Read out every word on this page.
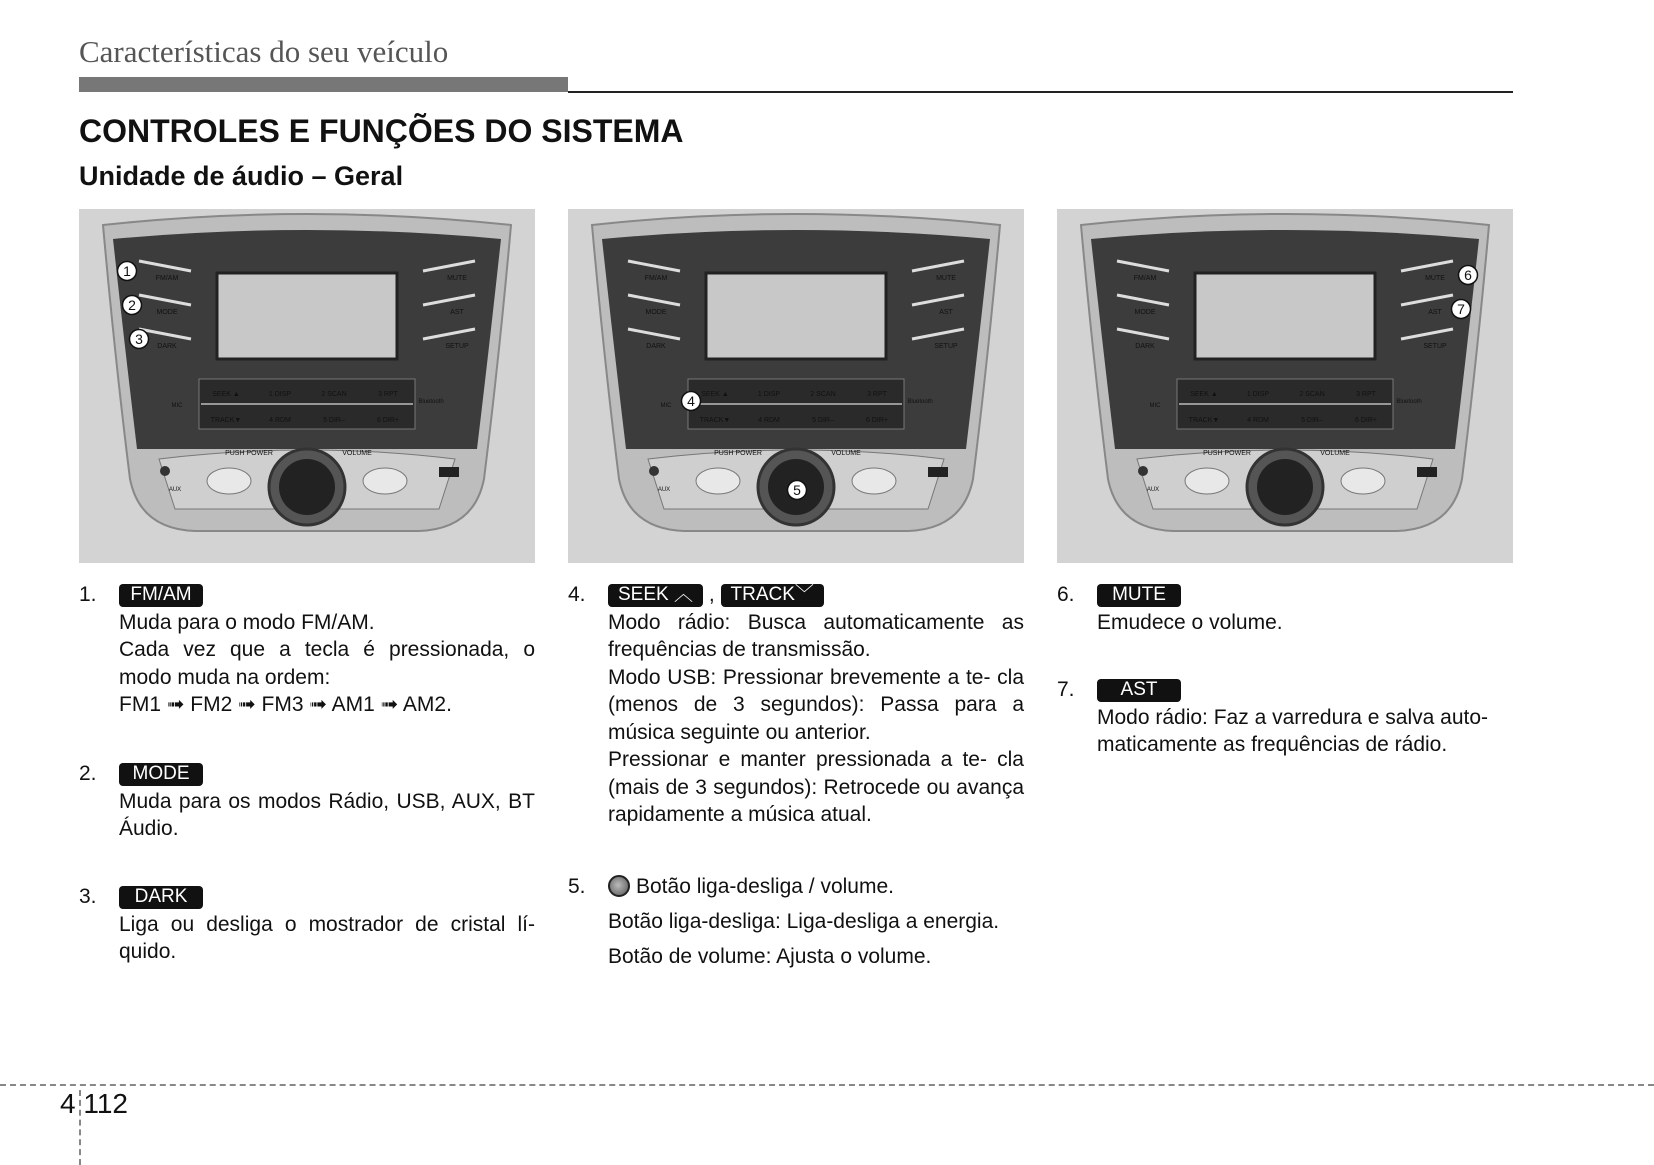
Características do seu veículo
CONTROLES E FUNÇÕES DO SISTEMA
Unidade de áudio – Geral
FM/AM
MODE
DARK
MUTE
AST
SETUP
SEEK ▲	1 DISP	2 SCAN	3 RPT
TRACK▼	4 RDM	5 DIR–	6 DIR+
MIC
Bluetooth
PUSH POWER	VOLUME
AUX
1
2
3
FM/AM
MODE
DARK
MUTE
AST
SETUP
SEEK ▲	1 DISP	2 SCAN	3 RPT
TRACK▼	4 RDM	5 DIR–	6 DIR+
MIC
Bluetooth
PUSH POWER	VOLUME
AUX
4
5
FM/AM
MODE
DARK
MUTE
AST
SETUP
SEEK ▲	1 DISP	2 SCAN	3 RPT
TRACK▼	4 RDM	5 DIR–	6 DIR+
MIC
Bluetooth
PUSH POWER	VOLUME
AUX
6
7
1.	FM/AM
Muda para o modo FM/AM.
Cada vez que a tecla é pressionada, o modo muda na ordem:
FM1 ➟ FM2 ➟ FM3 ➟ AM1 ➟ AM2.
2.	MODE
Muda para os modos Rádio, USB, AUX, BT Áudio.
3.	DARK
Liga ou desliga o mostrador de cristal lí- quido.
4.	SEEK ︿ , TRACK﹀
Modo rádio: Busca automaticamente as frequências de transmissão.
Modo USB: Pressionar brevemente a te- cla (menos de 3 segundos): Passa para a música seguinte ou anterior.
Pressionar e manter pressionada a te- cla (mais de 3 segundos): Retrocede ou avança rapidamente a música atual.
5.	Botão liga-desliga / volume.
Botão liga-desliga: Liga-desliga a energia.
Botão de volume: Ajusta o volume.
6.	MUTE
Emudece o volume.
7.	AST
Modo rádio: Faz a varredura e salva auto- maticamente as frequências de rádio.
4 112
